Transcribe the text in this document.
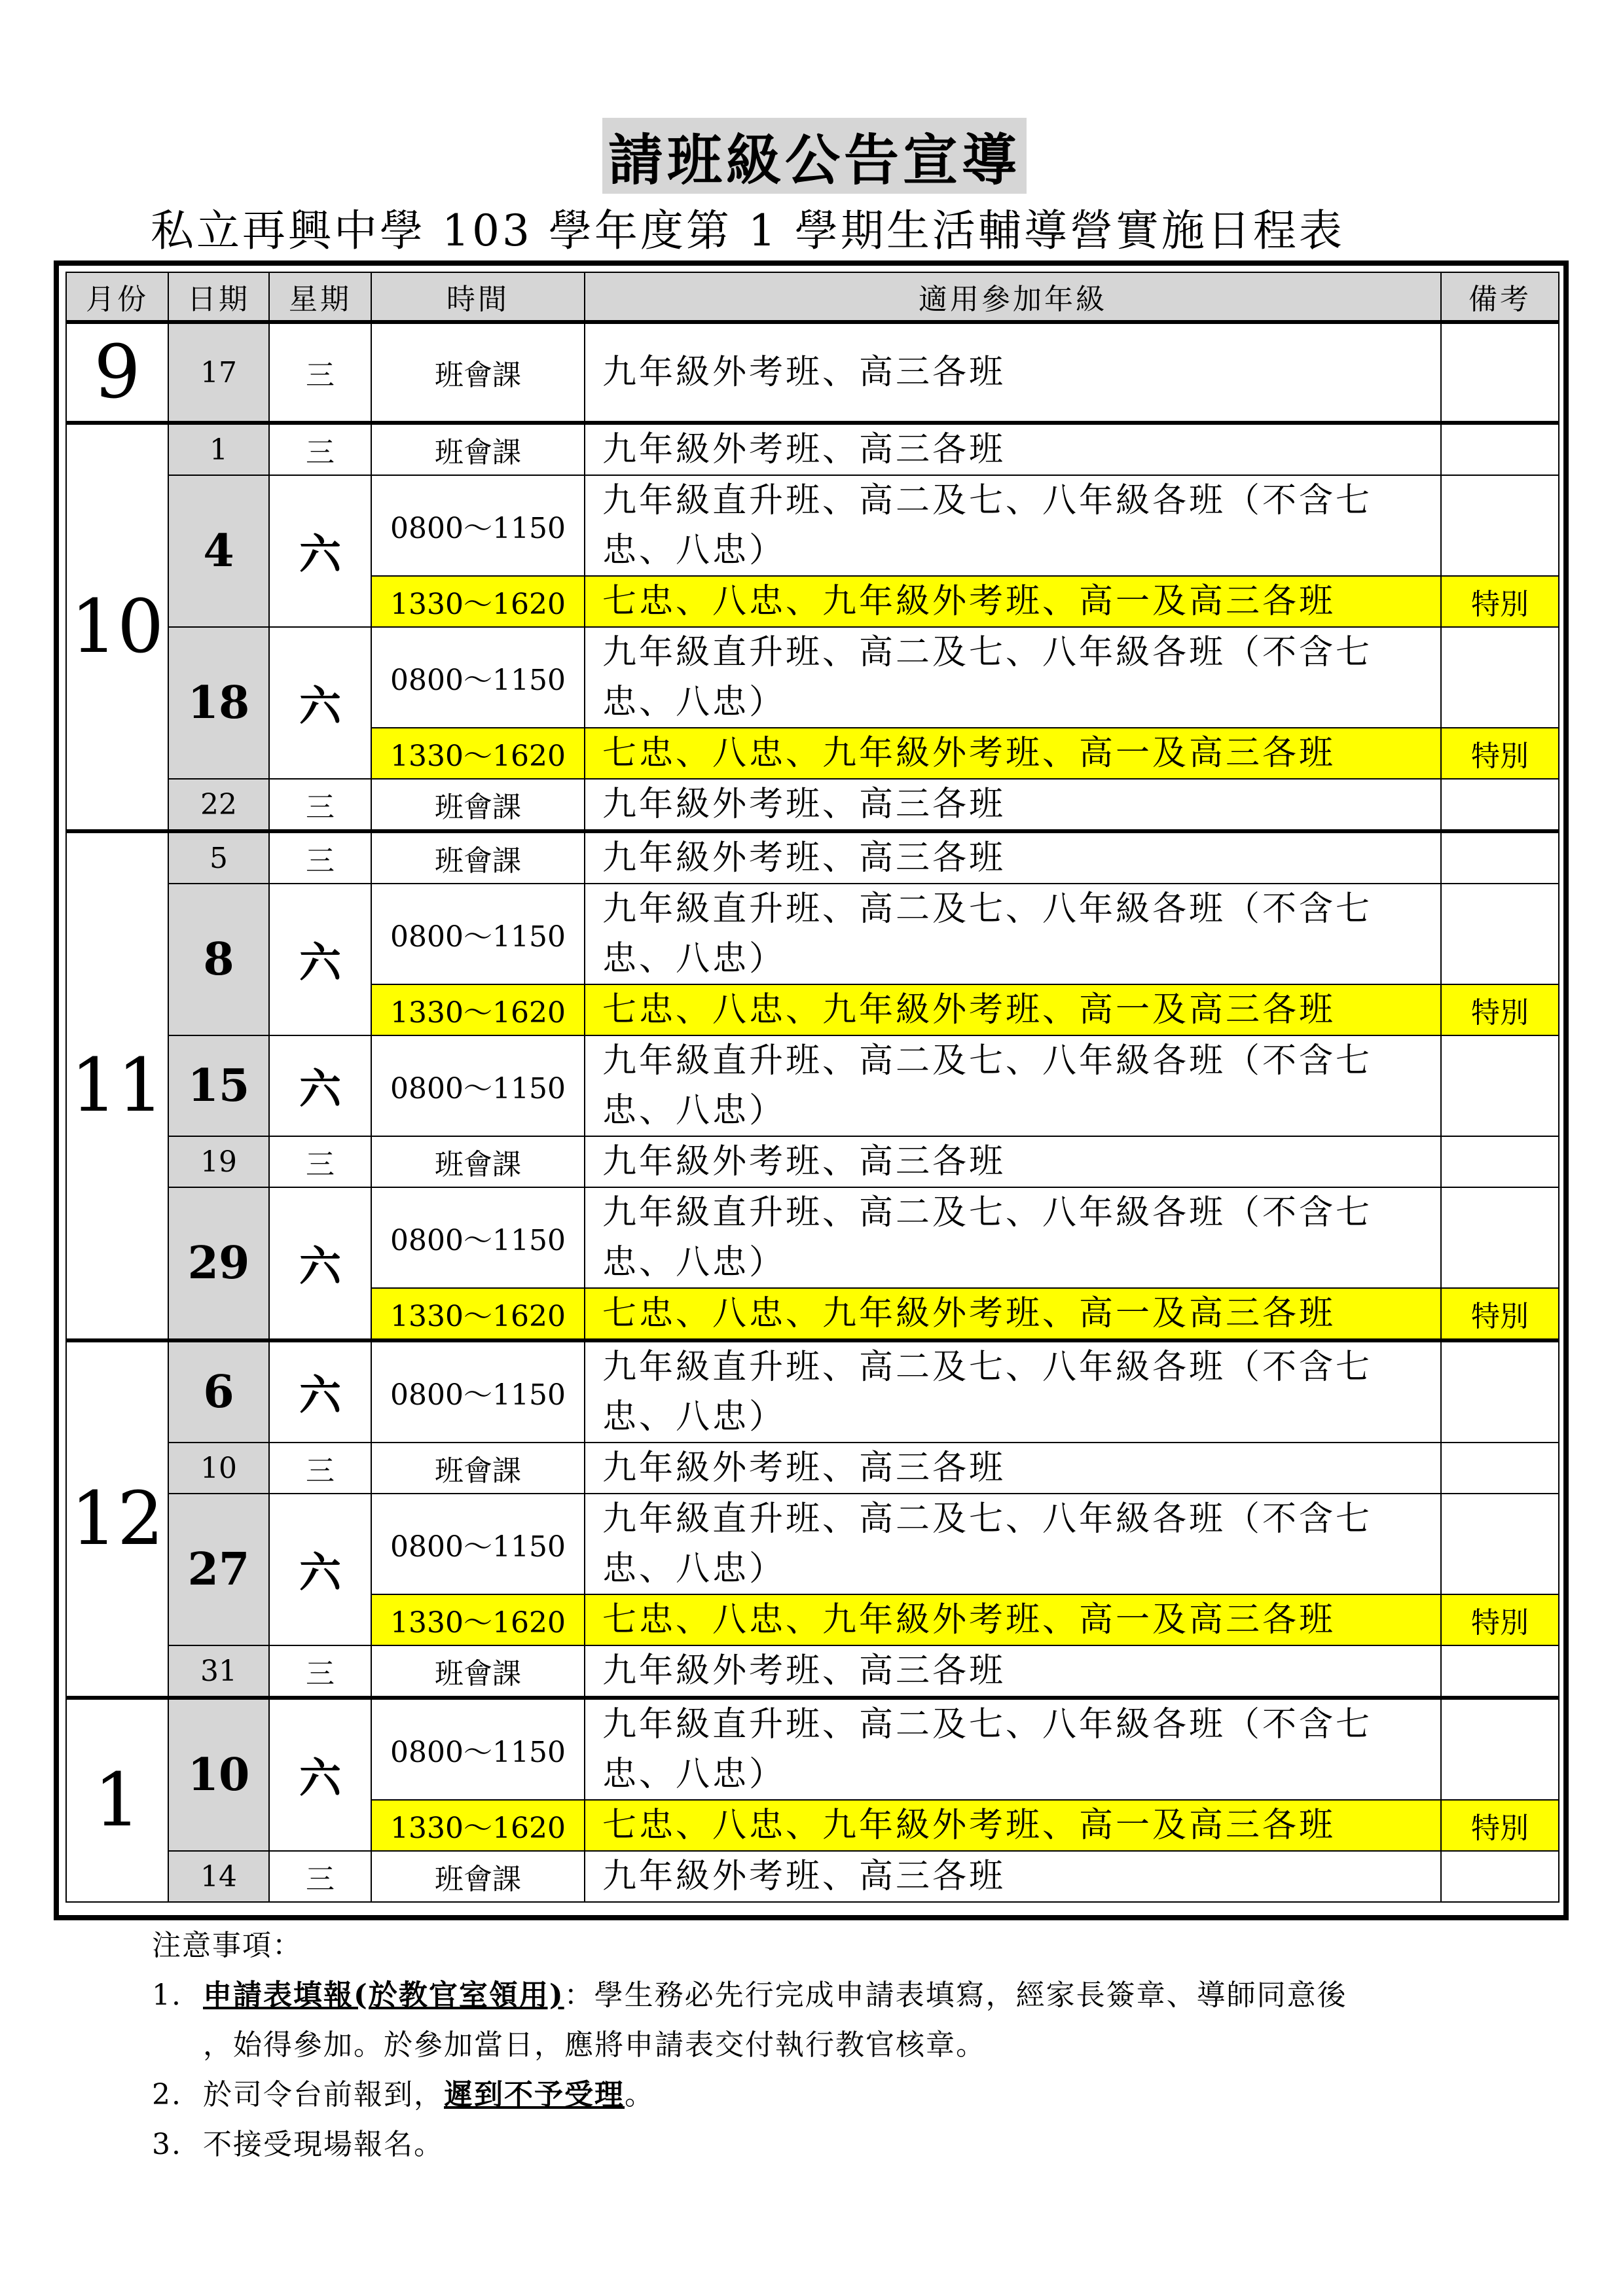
請班級公告宣導
私立再興中學 103 學年度第 1 學期生活輔導營實施日程表
月份	日期	星期	時間	適用參加年級	備考
9	17	三	班會課	九年級外考班、高三各班	
10	1	三	班會課	九年級外考班、高三各班	
	4	六	0800～1150	九年級直升班、高二及七、八年級各班（不含七忠、八忠）	
			1330～1620	七忠、八忠、九年級外考班、高一及高三各班	特別
	18	六	0800～1150	九年級直升班、高二及七、八年級各班（不含七忠、八忠）	
			1330～1620	七忠、八忠、九年級外考班、高一及高三各班	特別
	22	三	班會課	九年級外考班、高三各班	
11	5	三	班會課	九年級外考班、高三各班	
	8	六	0800～1150	九年級直升班、高二及七、八年級各班（不含七忠、八忠）	
			1330～1620	七忠、八忠、九年級外考班、高一及高三各班	特別
	15	六	0800～1150	九年級直升班、高二及七、八年級各班（不含七忠、八忠）	
	19	三	班會課	九年級外考班、高三各班	
	29	六	0800～1150	九年級直升班、高二及七、八年級各班（不含七忠、八忠）	
			1330～1620	七忠、八忠、九年級外考班、高一及高三各班	特別
12	6	六	0800～1150	九年級直升班、高二及七、八年級各班（不含七忠、八忠）	
	10	三	班會課	九年級外考班、高三各班	
	27	六	0800～1150	九年級直升班、高二及七、八年級各班（不含七忠、八忠）	
			1330～1620	七忠、八忠、九年級外考班、高一及高三各班	特別
	31	三	班會課	九年級外考班、高三各班	
1	10	六	0800～1150	九年級直升班、高二及七、八年級各班（不含七忠、八忠）	
			1330～1620	七忠、八忠、九年級外考班、高一及高三各班	特別
	14	三	班會課	九年級外考班、高三各班	
注意事項：
1. 申請表填報(於教官室領用)：學生務必先行完成申請表填寫，經家長簽章、導師同意後
，始得參加。於參加當日，應將申請表交付執行教官核章。
2. 於司令台前報到，遲到不予受理。
3. 不接受現場報名。
